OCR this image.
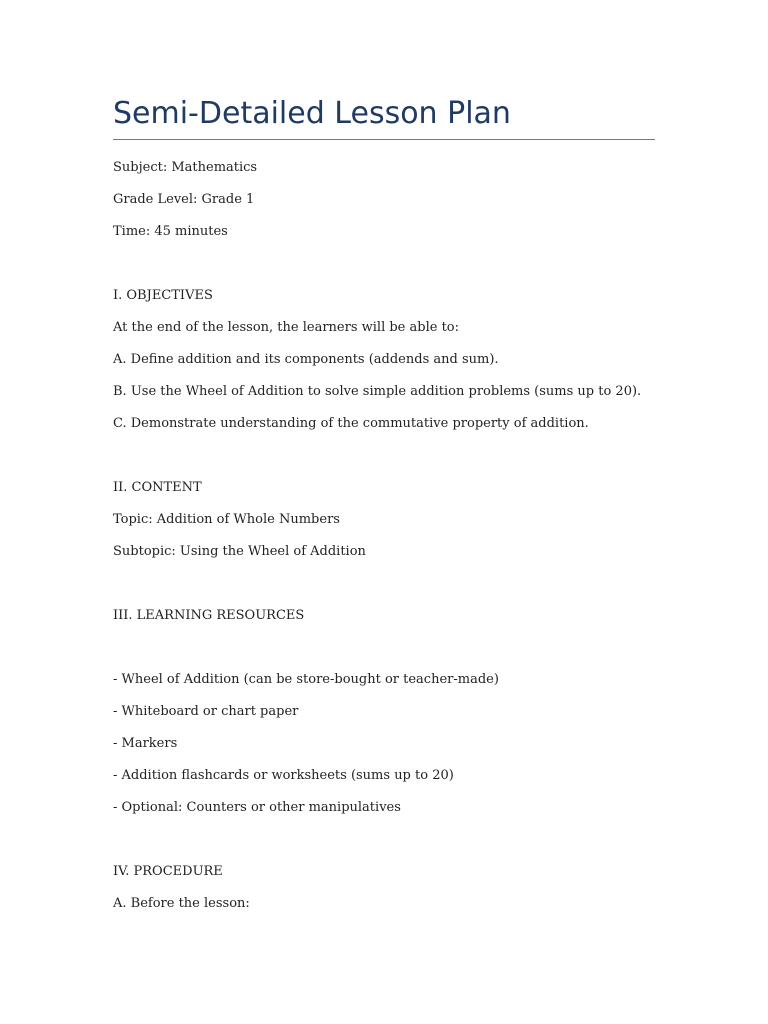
Semi-Detailed Lesson Plan

Subject: Mathematics

Grade Level: Grade 1

Time: 45 minutes

I. OBJECTIVES

At the end of the lesson, the learners will be able to:

A. Define addition and its components (addends and sum).

B. Use the Wheel of Addition to solve simple addition problems (sums up to 20).

C. Demonstrate understanding of the commutative property of addition.

II. CONTENT

Topic: Addition of Whole Numbers

Subtopic: Using the Wheel of Addition

III. LEARNING RESOURCES

- Wheel of Addition (can be store-bought or teacher-made)

- Whiteboard or chart paper

- Markers

- Addition flashcards or worksheets (sums up to 20)

- Optional: Counters or other manipulatives

IV. PROCEDURE

A. Before the lesson:
